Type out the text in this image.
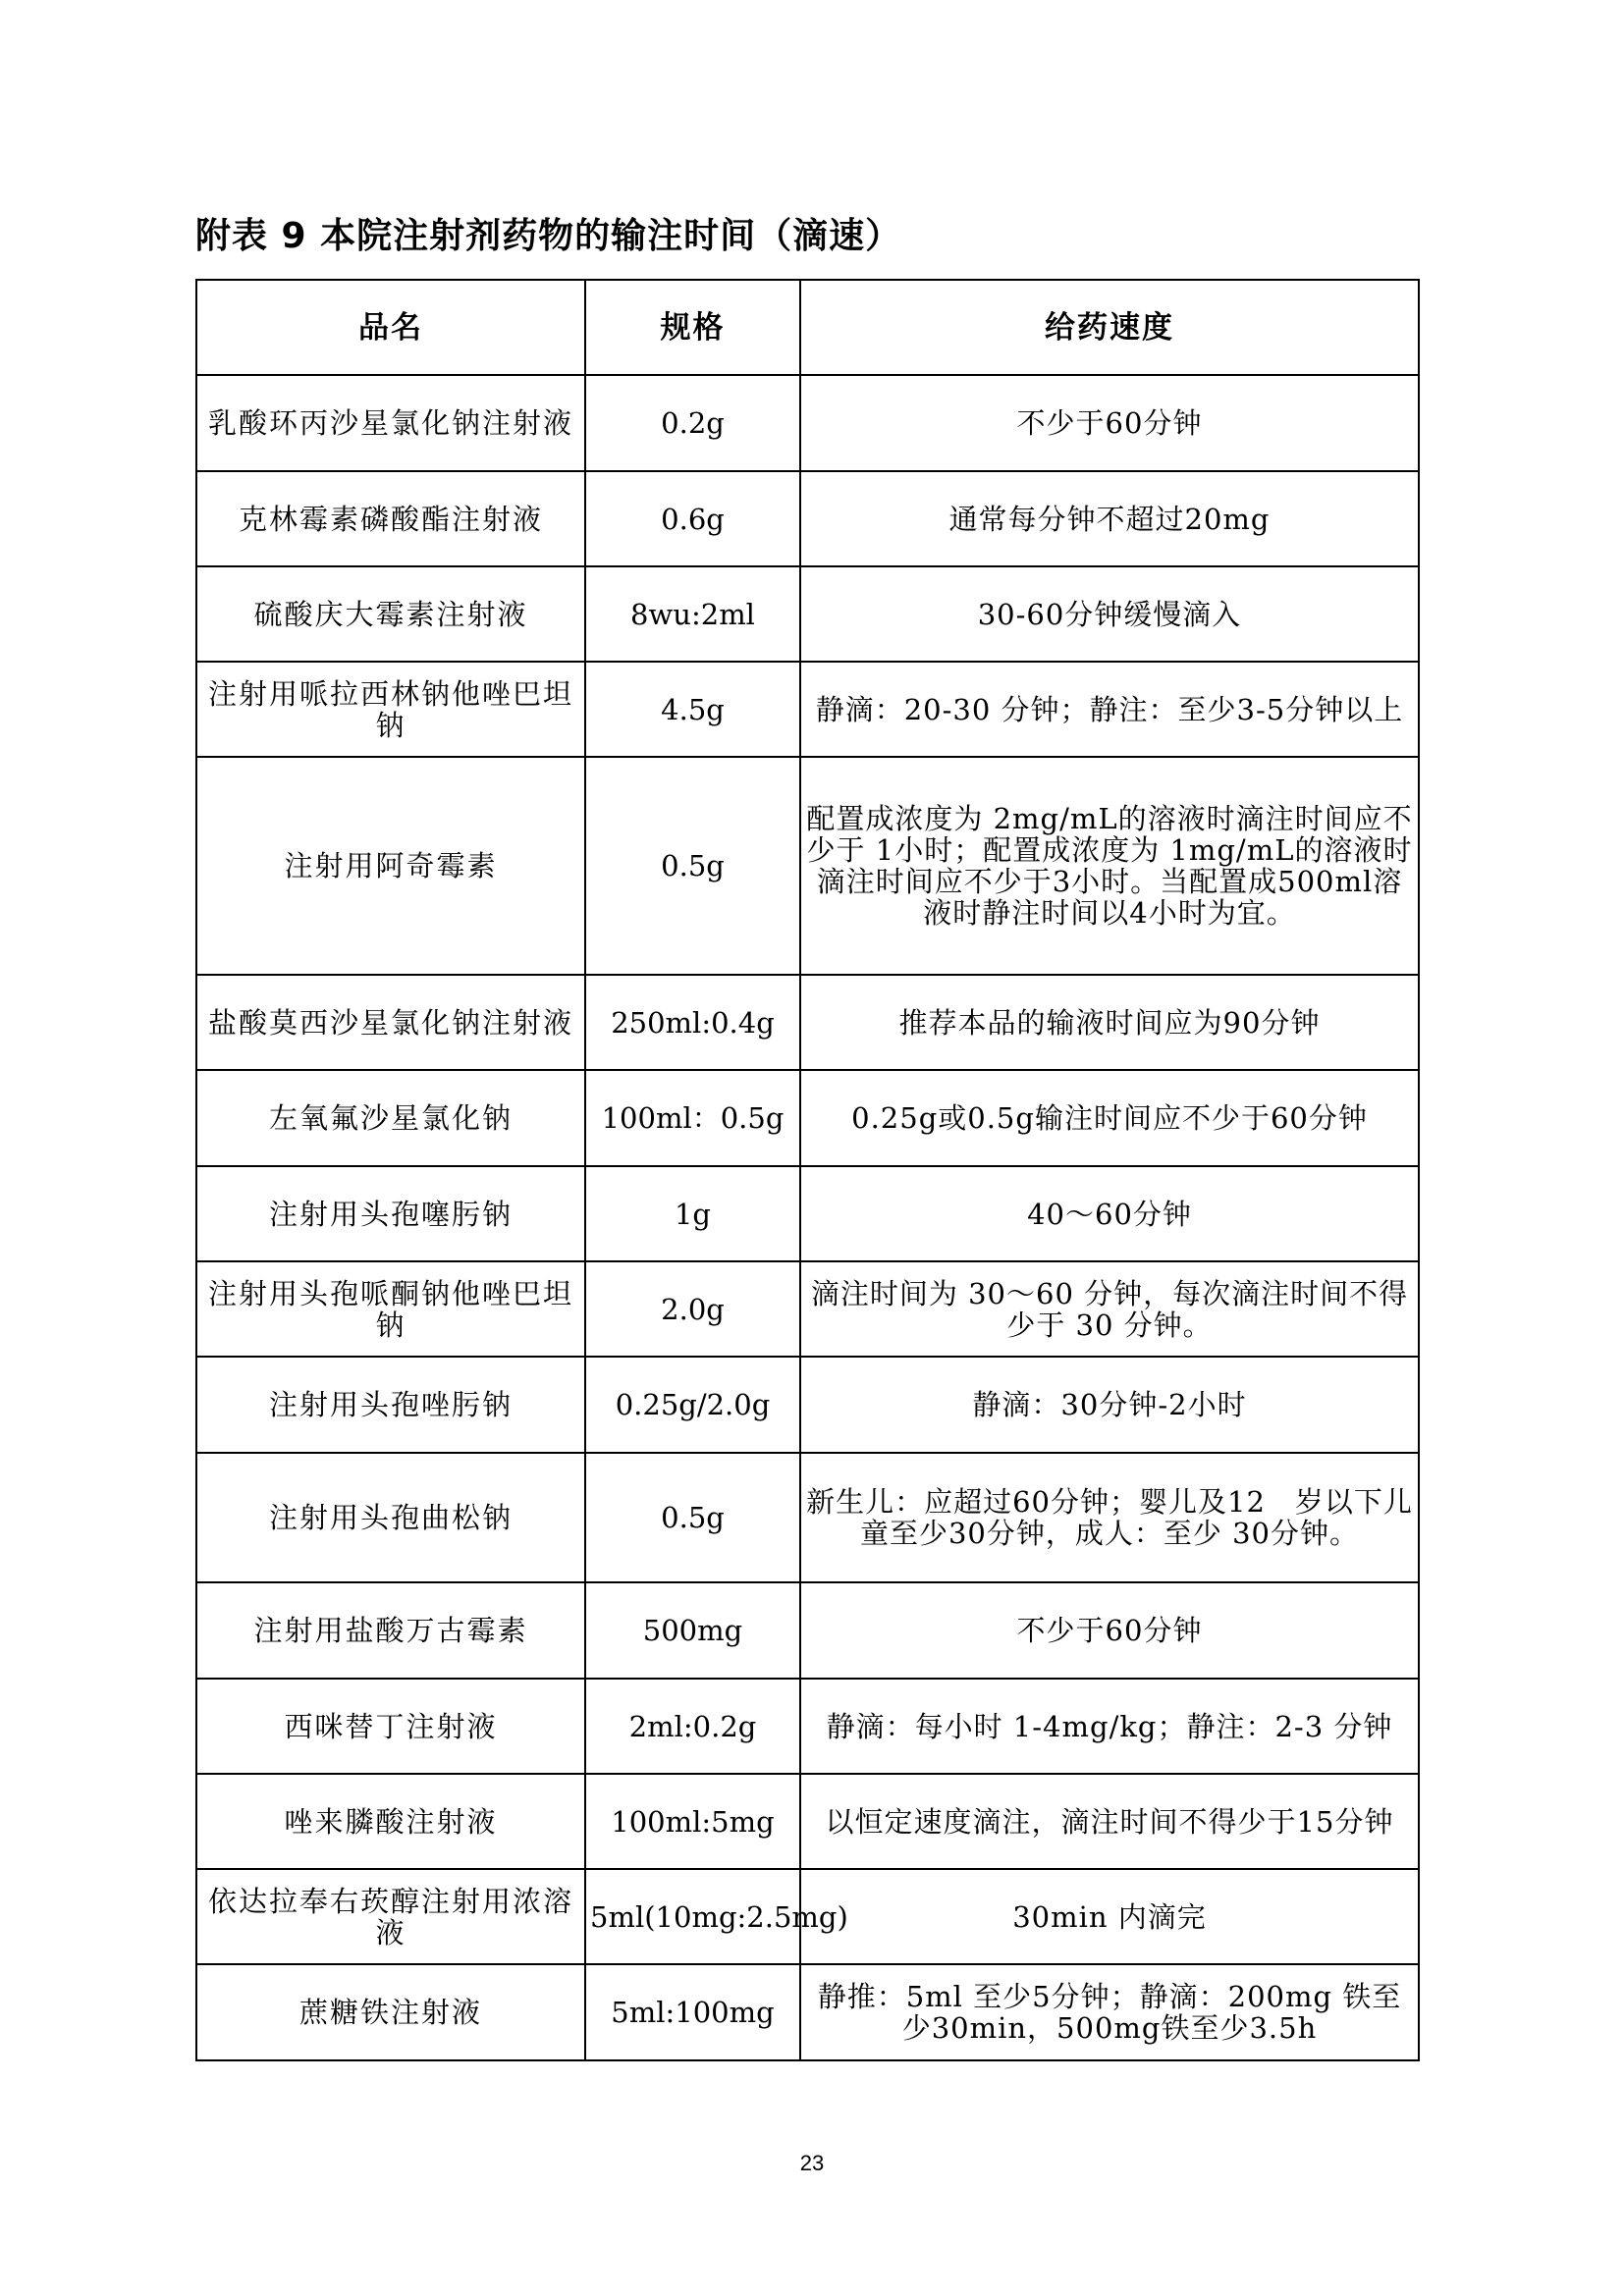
附表 9 本院注射剂药物的输注时间（滴速）
品名	规格	给药速度
乳酸环丙沙星氯化钠注射液	0.2g	不少于60分钟
克林霉素磷酸酯注射液	0.6g	通常每分钟不超过20mg
硫酸庆大霉素注射液	8wu:2ml	30-60分钟缓慢滴入
注射用哌拉西林钠他唑巴坦钠	4.5g	静滴：20-30 分钟；静注：至少3-5分钟以上
注射用阿奇霉素	0.5g	配置成浓度为 2mg/mL的溶液时滴注时间应不少于 1小时；配置成浓度为 1mg/mL的溶液时滴注时间应不少于3小时。当配置成500ml溶液时静注时间以4小时为宜。
盐酸莫西沙星氯化钠注射液	250ml:0.4g	推荐本品的输液时间应为90分钟
左氧氟沙星氯化钠	100ml：0.5g	0.25g或0.5g输注时间应不少于60分钟
注射用头孢噻肟钠	1g	40～60分钟
注射用头孢哌酮钠他唑巴坦钠	2.0g	滴注时间为 30～60 分钟，每次滴注时间不得少于 30 分钟。
注射用头孢唑肟钠	0.25g/2.0g	静滴：30分钟-2小时
注射用头孢曲松钠	0.5g	新生儿：应超过60分钟；婴儿及12　岁以下儿童至少30分钟，成人：至少 30分钟。
注射用盐酸万古霉素	500mg	不少于60分钟
西咪替丁注射液	2ml:0.2g	静滴：每小时 1-4mg/kg；静注：2-3 分钟
唑来膦酸注射液	100ml:5mg	以恒定速度滴注，滴注时间不得少于15分钟
依达拉奉右莰醇注射用浓溶液	5ml(10mg:2.5mg)	30min 内滴完
蔗糖铁注射液	5ml:100mg	静推：5ml 至少5分钟；静滴：200mg 铁至少30min，500mg铁至少3.5h
23
